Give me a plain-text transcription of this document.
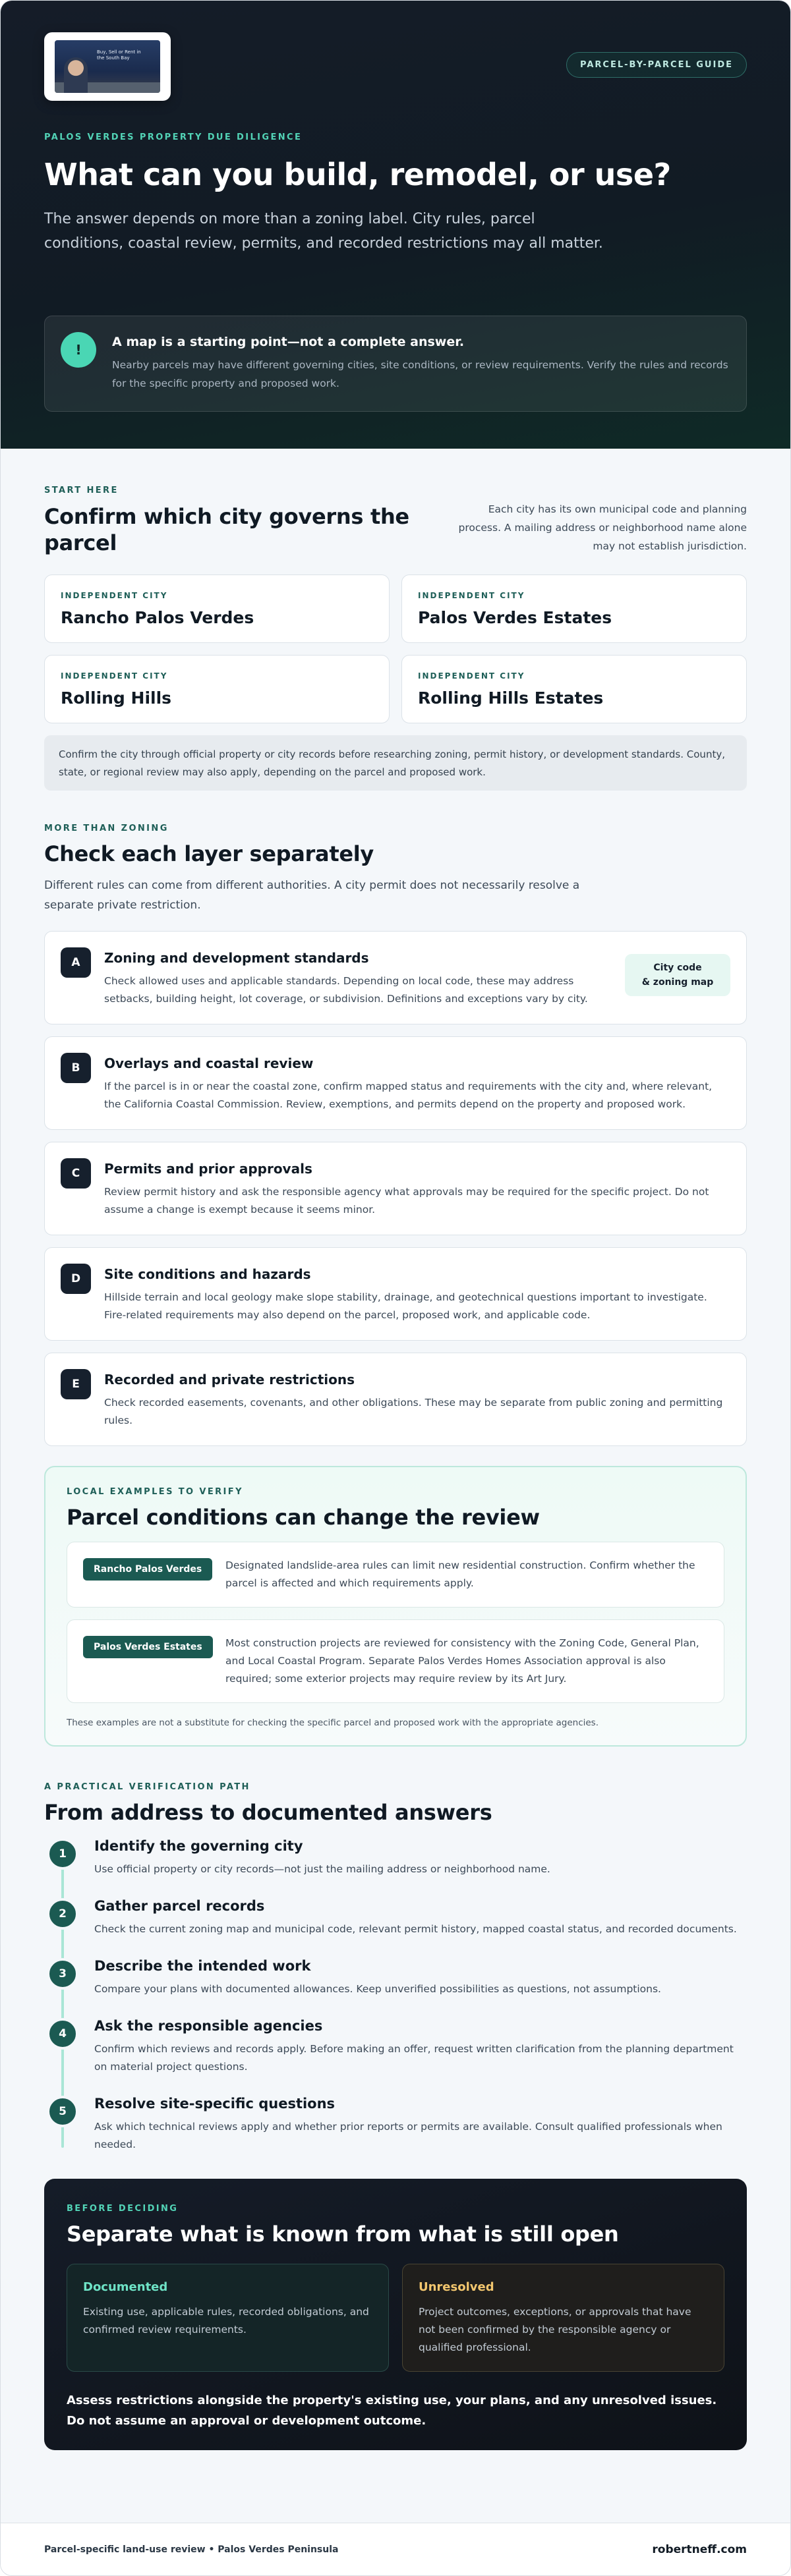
Buy, Sell or Rent in the South Bay
PARCEL-BY-PARCEL GUIDE
PALOS VERDES PROPERTY DUE DILIGENCE
What can you build, remodel, or use?

The answer depends on more than a zoning label. City rules, parcel conditions, coastal review, permits, and recorded restrictions may all matter.

!	A map is a starting point—not a complete answer.
Nearby parcels may have different governing cities, site conditions, or review requirements. Verify the rules and records for the specific property and proposed work.
START HERE
Confirm which city governs the parcel

Each city has its own municipal code and planning process. A mailing address or neighborhood name alone may not establish jurisdiction.

INDEPENDENT CITY
Rancho Palos Verdes
INDEPENDENT CITY
Palos Verdes Estates
INDEPENDENT CITY
Rolling Hills
INDEPENDENT CITY
Rolling Hills Estates
Confirm the city through official property or city records before researching zoning, permit history, or development standards. County, state, or regional review may also apply, depending on the parcel and proposed work.
MORE THAN ZONING
Check each layer separately

Different rules can come from different authorities. A city permit does not necessarily resolve a separate private restriction.

A	Zoning and development standards
Check allowed uses and applicable standards. Depending on local code, these may address setbacks, building height, lot coverage, or subdivision. Definitions and exceptions vary by city.
City code
& zoning map
B	Overlays and coastal review
If the parcel is in or near the coastal zone, confirm mapped status and requirements with the city and, where relevant, the California Coastal Commission. Review, exemptions, and permits depend on the property and proposed work.
C	Permits and prior approvals
Review permit history and ask the responsible agency what approvals may be required for the specific project. Do not assume a change is exempt because it seems minor.
D	Site conditions and hazards
Hillside terrain and local geology make slope stability, drainage, and geotechnical questions important to investigate. Fire-related requirements may also depend on the parcel, proposed work, and applicable code.
E	Recorded and private restrictions
Check recorded easements, covenants, and other obligations. These may be separate from public zoning and permitting rules.
LOCAL EXAMPLES TO VERIFY
Parcel conditions can change the review
Rancho Palos Verdes	Designated landslide-area rules can limit new residential construction. Confirm whether the parcel is affected and which requirements apply.
Palos Verdes Estates	Most construction projects are reviewed for consistency with the Zoning Code, General Plan, and Local Coastal Program. Separate Palos Verdes Homes Association approval is also required; some exterior projects may require review by its Art Jury.
These examples are not a substitute for checking the specific parcel and proposed work with the appropriate agencies.
A PRACTICAL VERIFICATION PATH
From address to documented answers
1	Identify the governing city
Use official property or city records—not just the mailing address or neighborhood name.
2	Gather parcel records
Check the current zoning map and municipal code, relevant permit history, mapped coastal status, and recorded documents.
3	Describe the intended work
Compare your plans with documented allowances. Keep unverified possibilities as questions, not assumptions.
4	Ask the responsible agencies
Confirm which reviews and records apply. Before making an offer, request written clarification from the planning department on material project questions.
5	Resolve site-specific questions
Ask which technical reviews apply and whether prior reports or permits are available. Consult qualified professionals when needed.
BEFORE DECIDING
Separate what is known from what is still open
Documented
Existing use, applicable rules, recorded obligations, and confirmed review requirements.
Unresolved
Project outcomes, exceptions, or approvals that have not been confirmed by the responsible agency or qualified professional.
Assess restrictions alongside the property's existing use, your plans, and any unresolved issues. Do not assume an approval or development outcome.
Parcel-specific land-use review • Palos Verdes Peninsula	robertneff.com
